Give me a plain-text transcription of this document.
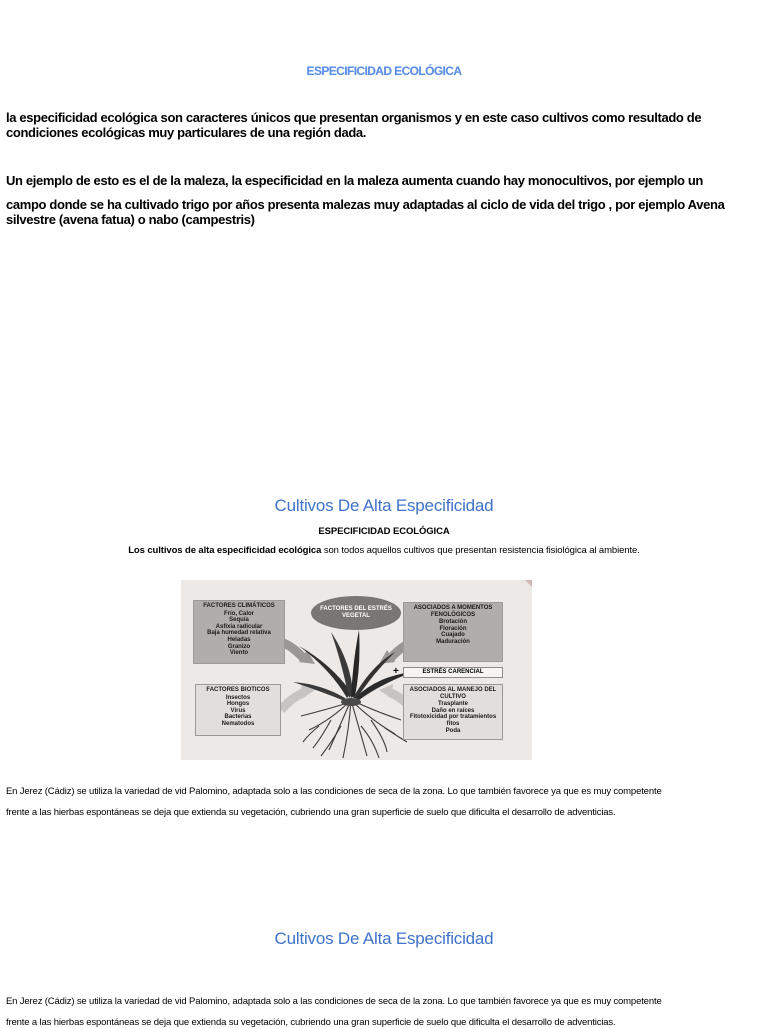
ESPECIFICIDAD ECOLÓGICA
la especificidad ecológica son caracteres únicos que presentan organismos y en este caso cultivos como resultado de condiciones ecológicas muy particulares de una región dada.
Un ejemplo de esto es el de la maleza, la especificidad en la maleza aumenta cuando hay monocultivos, por ejemplo un
campo donde se ha cultivado trigo por años presenta malezas muy adaptadas al ciclo de vida del trigo , por ejemplo Avena silvestre (avena fatua) o nabo (campestris)
Cultivos De Alta Especificidad
ESPECIFICIDAD ECOLÓGICA
Los cultivos de alta especificidad ecológica son todos aquellos cultivos que presentan resistencia fisiológica al ambiente.
FACTORES DEL ESTRÉS VEGETAL
FACTORES CLIMÁTICOS
Frío, Calor
Sequía
Asfixia radicular
Baja humedad relativa
Heladas
Granizo
Viento
ASOCIADOS A MOMENTOS FENOLÓGICOS
Brotación
Floración
Cuajado
Maduración
+	ESTRÉS CARENCIAL
FACTORES BIOTICOS
Insectos
Hongos
Virus
Bacterias
Nematodos
ASOCIADOS AL MANEJO DEL CULTIVO
Trasplante
Daño en raíces
Fitotoxicidad por tratamientos fitos
Poda
En Jerez (Cádiz) se utiliza la variedad de vid Palomino, adaptada solo a las condiciones de seca de la zona. Lo que también favorece ya que es muy competente
frente a las hierbas espontáneas se deja que extienda su vegetación, cubriendo una gran superficie de suelo que dificulta el desarrollo de adventicias.
Cultivos De Alta Especificidad
En Jerez (Cádiz) se utiliza la variedad de vid Palomino, adaptada solo a las condiciones de seca de la zona. Lo que también favorece ya que es muy competente
frente a las hierbas espontáneas se deja que extienda su vegetación, cubriendo una gran superficie de suelo que dificulta el desarrollo de adventicias.
